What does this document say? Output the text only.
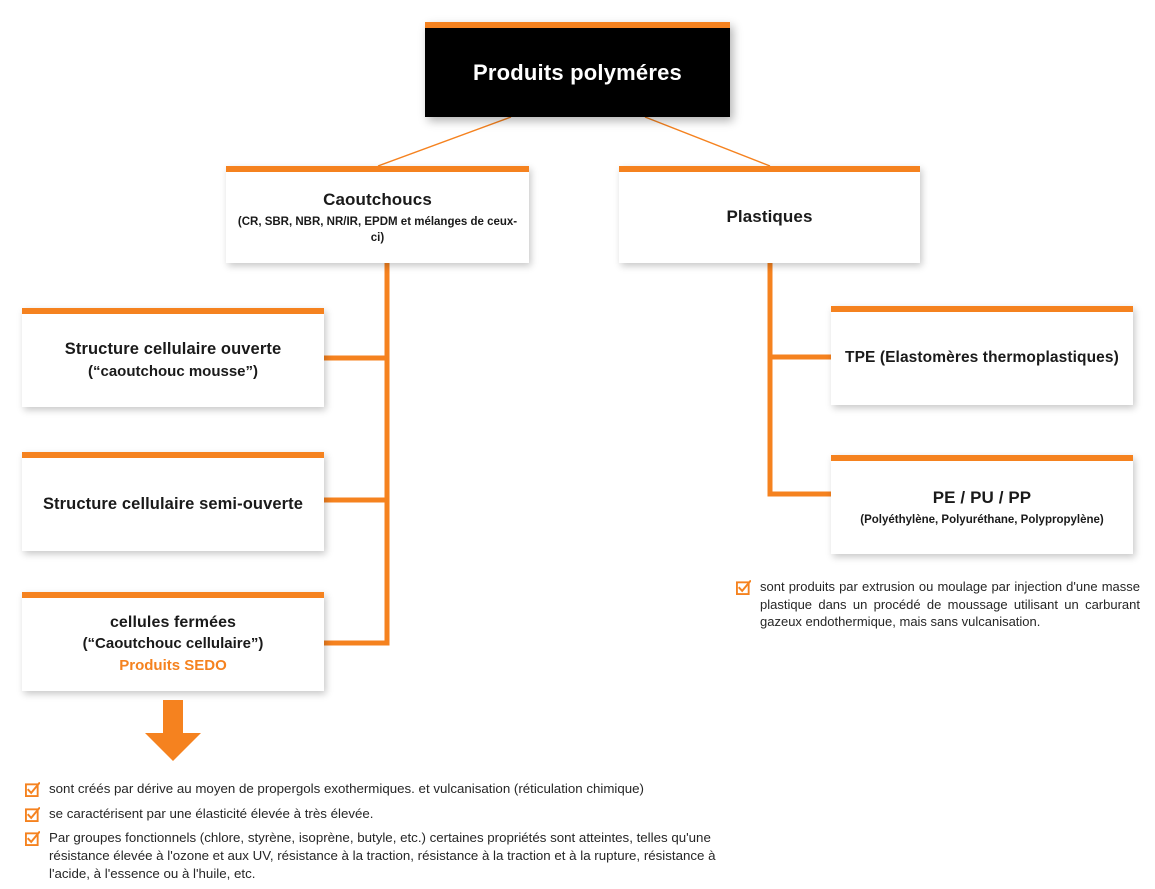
Produits polyméres
Caoutchoucs
(CR, SBR, NBR, NR/IR, EPDM et mélanges de ceux-ci)
Plastiques
Structure cellulaire ouverte
(“caoutchouc mousse”)
Structure cellulaire semi-ouverte
cellules fermées
(“Caoutchouc cellulaire”)
Produits SEDO
TPE (Elastomères thermoplastiques)
PE / PU / PP
(Polyéthylène, Polyuréthane, Polypropylène)
sont produits par extrusion ou moulage par injection d'une masse plastique dans un procédé de moussage utilisant un carburant gazeux endothermique, mais sans vulcanisation.
sont créés par dérive au moyen de propergols exothermiques. et vulcanisation (réticulation chimique)
se caractérisent par une élasticité élevée à très élevée.
Par groupes fonctionnels (chlore, styrène, isoprène, butyle, etc.) certaines propriétés sont atteintes, telles qu'une résistance élevée à l'ozone et aux UV, résistance à la traction, résistance à la traction et à la rupture, résistance à l'acide, à l'essence ou à l'huile, etc.
